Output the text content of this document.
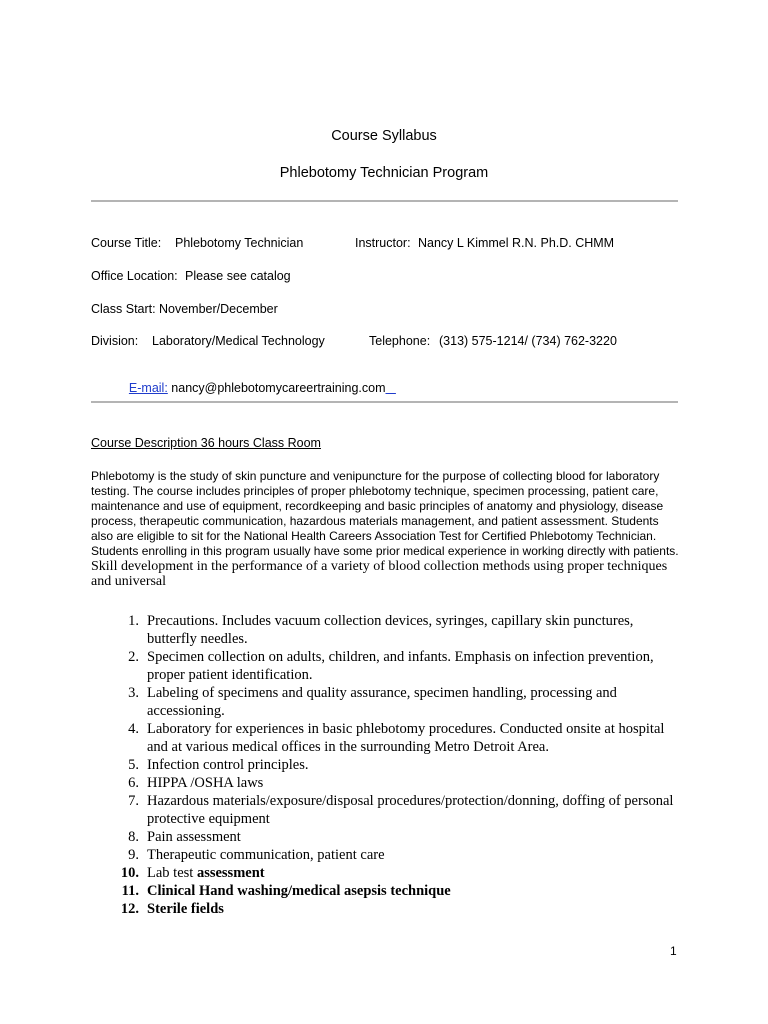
Course Syllabus
Phlebotomy Technician Program
Course Title: Phlebotomy Technician	Instructor: Nancy L Kimmel R.N. Ph.D. CHMM
Office Location: Please see catalog
Class Start: November/December
Division: Laboratory/Medical Technology	Telephone: (313) 575-1214/ (734) 762-3220

E-mail: nancy@phlebotomycareertraining.com

Course Description 36 hours Class Room
Phlebotomy is the study of skin puncture and venipuncture for the purpose of collecting blood for laboratory testing. The course includes principles of proper phlebotomy technique, specimen processing, patient care, maintenance and use of equipment, recordkeeping and basic principles of anatomy and physiology, disease process, therapeutic communication, hazardous materials management, and patient assessment. Students also are eligible to sit for the National Health Careers Association Test for Certified Phlebotomy Technician. Students enrolling in this program usually have some prior medical experience in working directly with patients. Skill development in the performance of a variety of blood collection methods using proper techniques and universal
1. Precautions. Includes vacuum collection devices, syringes, capillary skin punctures, butterfly needles.
2. Specimen collection on adults, children, and infants. Emphasis on infection prevention, proper patient identification.
3. Labeling of specimens and quality assurance, specimen handling, processing and accessioning.
4. Laboratory for experiences in basic phlebotomy procedures. Conducted onsite at hospital and at various medical offices in the surrounding Metro Detroit Area.
5. Infection control principles.
6. HIPPA /OSHA laws
7. Hazardous materials/exposure/disposal procedures/protection/donning, doffing of personal protective equipment
8. Pain assessment
9. Therapeutic communication, patient care
10. Lab test assessment
11. Clinical Hand washing/medical asepsis technique
12. Sterile fields
1
